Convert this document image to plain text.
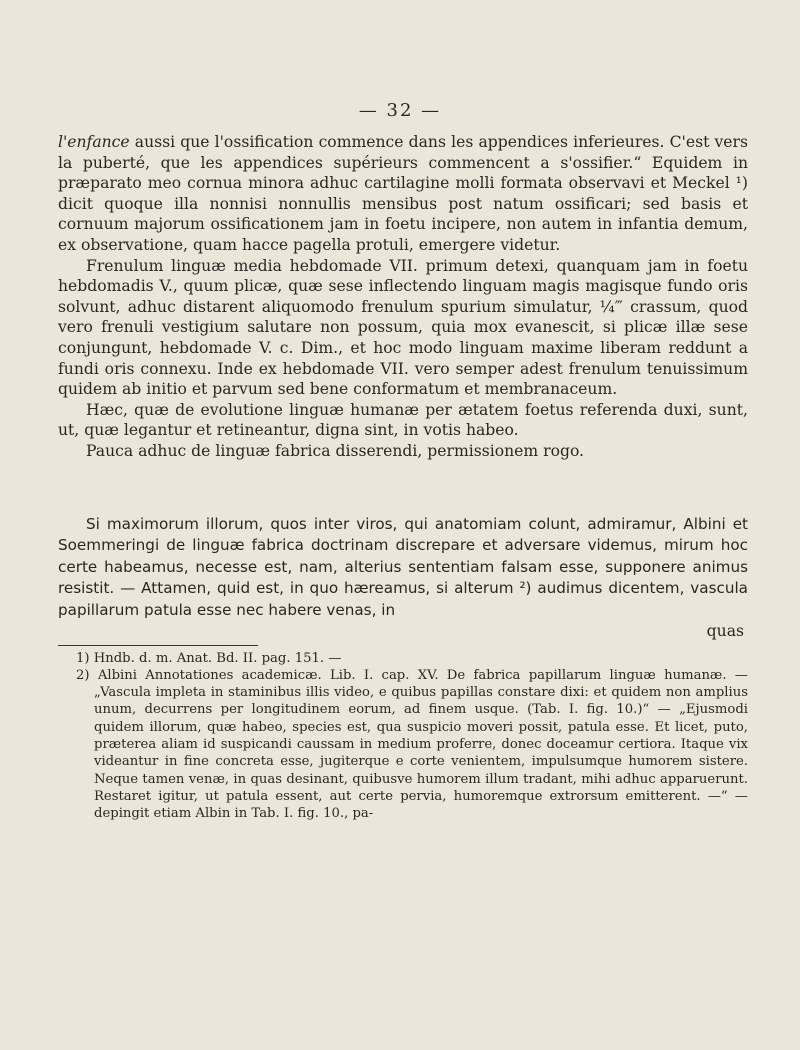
— 32 —

l'enfance aussi que l'ossification commence dans les appendices inferieures. C'est vers la puberté, que les appendices supérieurs commencent a s'ossifier.“ Equidem in præparato meo cornua minora adhuc cartilagine molli formata observavi et Meckel ¹) dicit quoque illa nonnisi nonnullis mensibus post natum ossificari; sed basis et cornuum majorum ossificationem jam in foetu incipere, non autem in infantia demum, ex observatione, quam hacce pagella protuli, emergere videtur.

Frenulum linguæ media hebdomade VII. primum detexi, quanquam jam in foetu hebdomadis V., quum plicæ, quæ sese inflectendo linguam magis magisque fundo oris solvunt, adhuc distarent aliquomodo frenulum spurium simulatur, ¼‴ crassum, quod vero frenuli vestigium salutare non possum, quia mox evanescit, si plicæ illæ sese conjungunt, hebdomade V. c. Dim., et hoc modo linguam maxime liberam reddunt a fundi oris connexu. Inde ex hebdomade VII. vero semper adest frenulum tenuissimum quidem ab initio et parvum sed bene conformatum et membranaceum.

Hæc, quæ de evolutione linguæ humanæ per ætatem foetus referenda duxi, sunt, ut, quæ legantur et retineantur, digna sint, in votis habeo.

Pauca adhuc de linguæ fabrica disserendi, permissionem rogo.

Si maximorum illorum, quos inter viros, qui anatomiam colunt, admiramur, Albini et Soemmeringi de linguæ fabrica doctrinam discrepare et adversare videmus, mirum hoc certe habeamus, necesse est, nam, alterius sententiam falsam esse, supponere animus resistit. — Attamen, quid est, in quo hæreamus, si alterum ²) audimus dicentem, vascula papillarum patula esse nec habere venas, in

quas

1) Hndb. d. m. Anat. Bd. II. pag. 151. —

2) Albini Annotationes academicæ. Lib. I. cap. XV. De fabrica papillarum linguæ humanæ. — „Vascula impleta in staminibus illis video, e quibus papillas constare dixi: et quidem non amplius unum, decurrens per longitudinem eorum, ad finem usque. (Tab. I. fig. 10.)“ — „Ejusmodi quidem illorum, quæ habeo, species est, qua suspicio moveri possit, patula esse. Et licet, puto, præterea aliam id suspicandi caussam in medium proferre, donec doceamur certiora. Itaque vix videantur in fine concreta esse, jugiterque e corte venientem, impulsumque humorem sistere. Neque tamen venæ, in quas desinant, quibusve humorem illum tradant, mihi adhuc apparuerunt. Restaret igitur, ut patula essent, aut certe pervia, humoremque extrorsum emitterent. —“ — depingit etiam Albin in Tab. I. fig. 10., pa-
